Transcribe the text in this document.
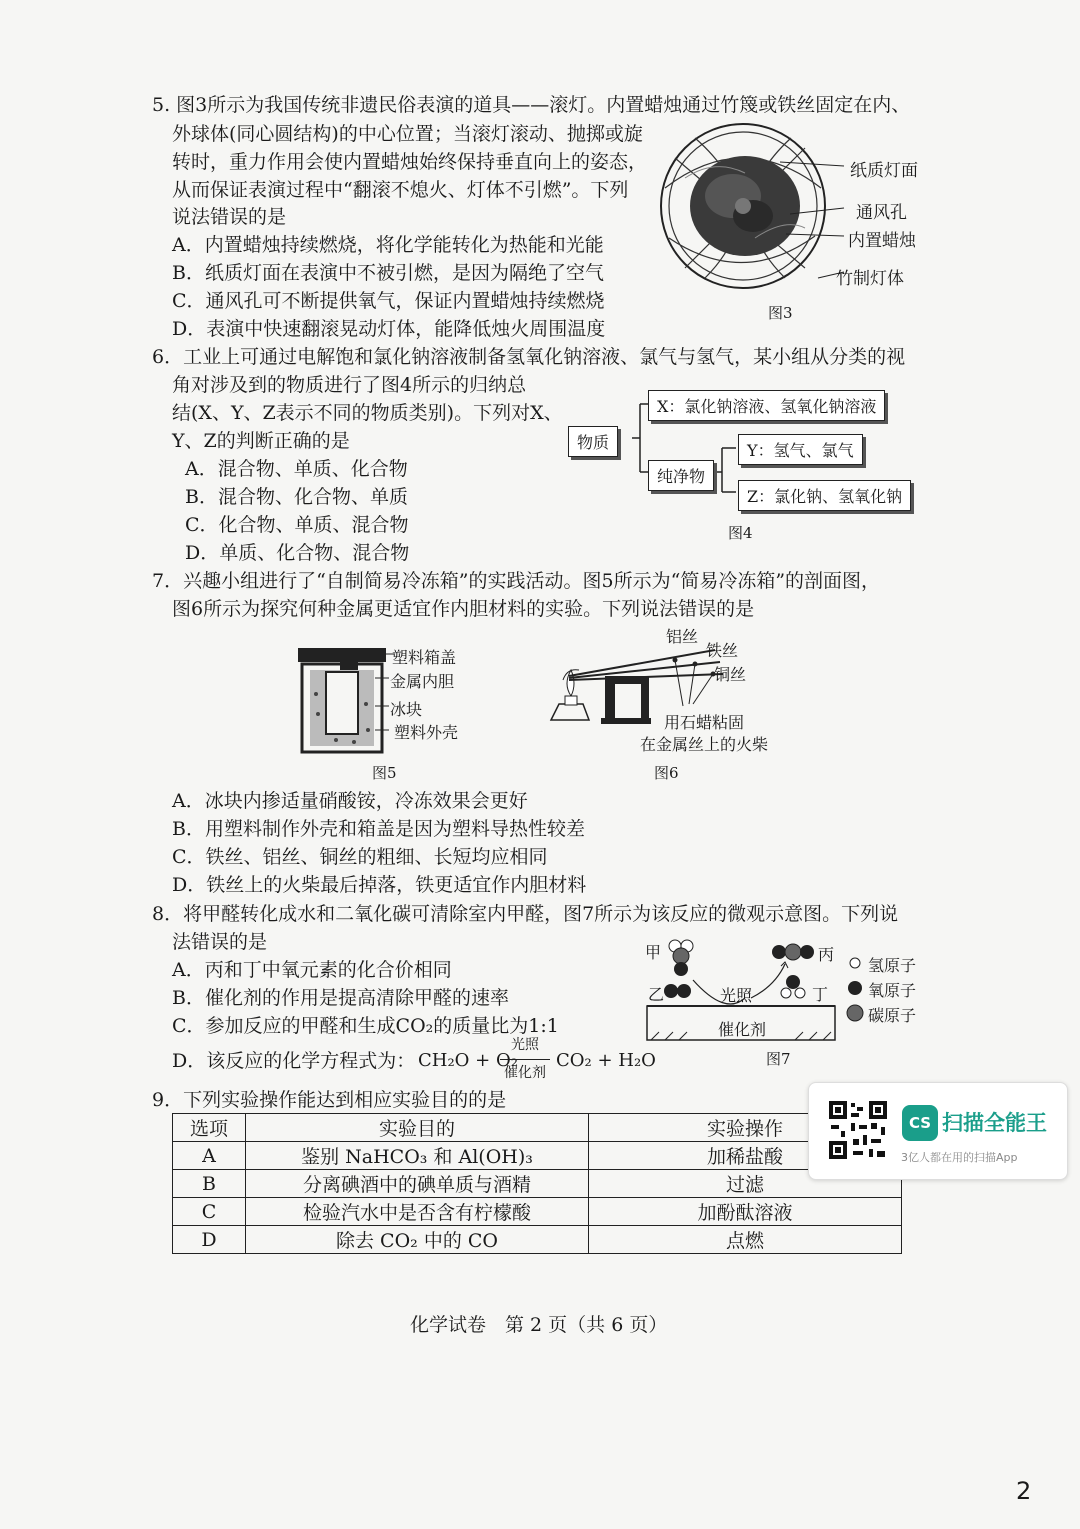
5. 图3所示为我国传统非遗民俗表演的道具——滚灯。内置蜡烛通过竹篾或铁丝固定在内、
外球体(同心圆结构)的中心位置；当滚灯滚动、抛掷或旋
转时，重力作用会使内置蜡烛始终保持垂直向上的姿态，
从而保证表演过程中“翻滚不熄火、灯体不引燃”。下列
说法错误的是
A．内置蜡烛持续燃烧，将化学能转化为热能和光能
B．纸质灯面在表演中不被引燃，是因为隔绝了空气
C．通风孔可不断提供氧气，保证内置蜡烛持续燃烧
D．表演中快速翻滚晃动灯体，能降低烛火周围温度
纸质灯面
通风孔
内置蜡烛
竹制灯体
图3
6．工业上可通过电解饱和氯化钠溶液制备氢氧化钠溶液、氯气与氢气，某小组从分类的视
角对涉及到的物质进行了图4所示的归纳总
结(X、Y、Z表示不同的物质类别)。下列对X、
Y、Z的判断正确的是
A．混合物、单质、化合物
B．混合物、化合物、单质
C．化合物、单质、混合物
D．单质、化合物、混合物
物质
X：氯化钠溶液、氢氧化钠溶液
纯净物
Y：氢气、氯气
Z：氯化钠、氢氧化钠
图4
7．兴趣小组进行了“自制简易冷冻箱”的实践活动。图5所示为“简易冷冻箱”的剖面图，
图6所示为探究何种金属更适宜作内胆材料的实验。下列说法错误的是
塑料箱盖
金属内胆
冰块
塑料外壳
图5
铝丝
铁丝
铜丝
用石蜡粘固
在金属丝上的火柴
图6
A．冰块内掺适量硝酸铵，冷冻效果会更好
B．用塑料制作外壳和箱盖是因为塑料导热性较差
C．铁丝、铝丝、铜丝的粗细、长短均应相同
D．铁丝上的火柴最后掉落，铁更适宜作内胆材料
8．将甲醛转化成水和二氧化碳可清除室内甲醛，图7所示为该反应的微观示意图。下列说
法错误的是
A．丙和丁中氧元素的化合价相同
B．催化剂的作用是提高清除甲醛的速率
C．参加反应的甲醛和生成CO₂的质量比为1:1
D．该反应的化学方程式为： CH₂O + O₂
光照
催化剂
CO₂ + H₂O
甲
乙
丙
丁
光照
催化剂
图7
氢原子
氧原子
碳原子
9．下列实验操作能达到相应实验目的的是
选项	实验目的	实验操作
A	鉴别 NaHCO₃ 和 Al(OH)₃	加稀盐酸
B	分离碘酒中的碘单质与酒精	过滤
C	检验汽水中是否含有柠檬酸	加酚酞溶液
D	除去 CO₂ 中的 CO	点燃
化学试卷　第 2 页（共 6 页）
CS 扫描全能王
3亿人都在用的扫描App
2
